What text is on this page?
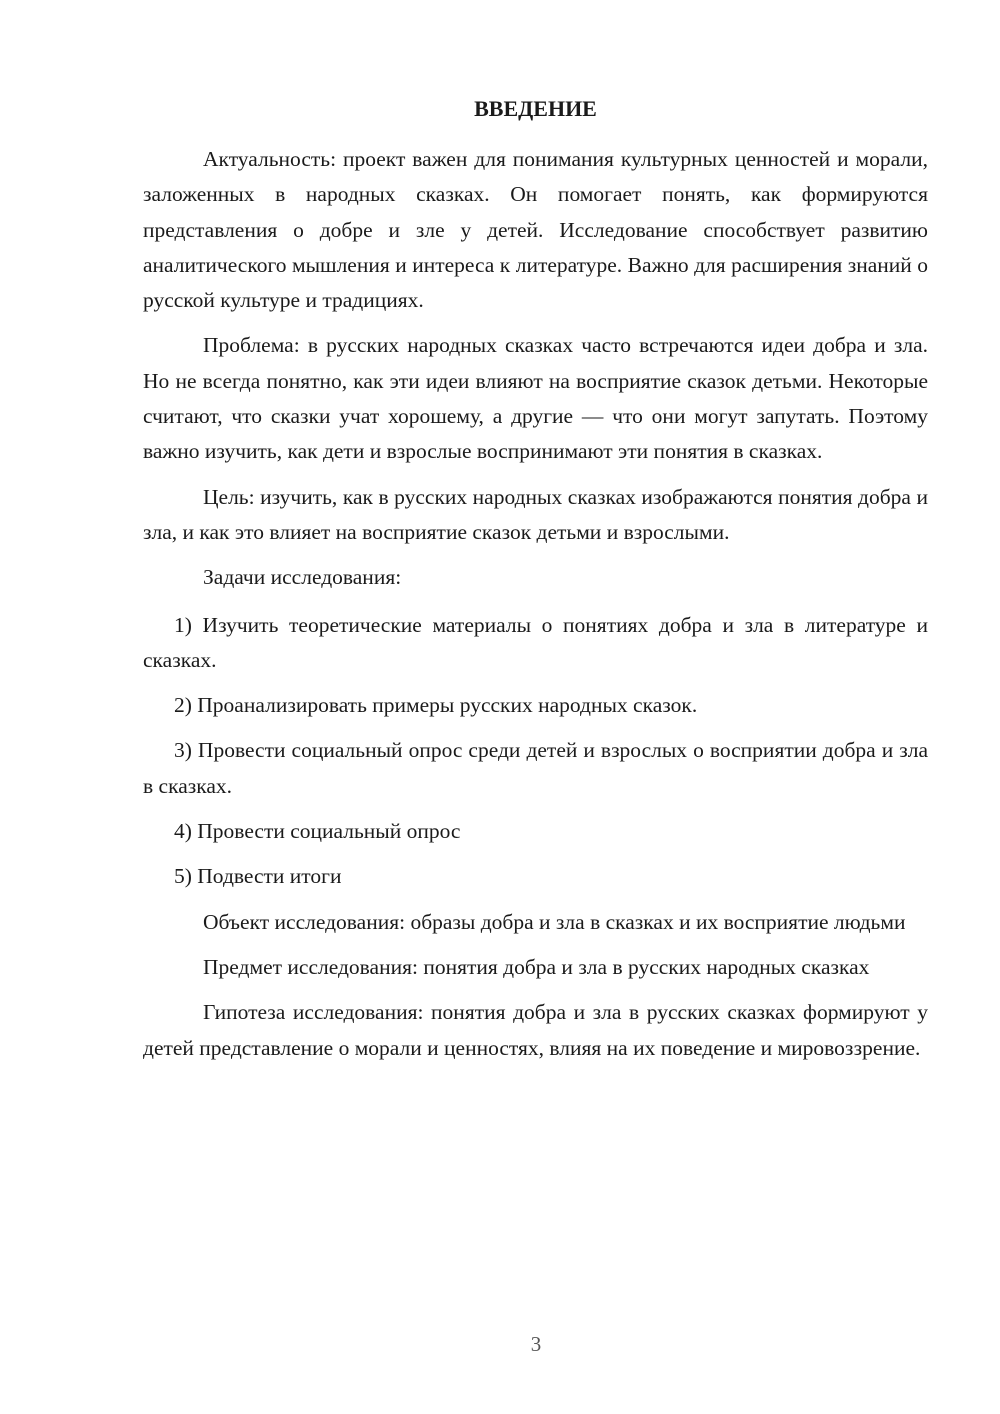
ВВЕДЕНИЕ

Актуальность: проект важен для понимания культурных ценностей и морали, заложенных в народных сказках. Он помогает понять, как формируются представления о добре и зле у детей. Исследование способствует развитию аналитического мышления и интереса к литературе. Важно для расширения знаний о русской культуре и традициях.

Проблема: в русских народных сказках часто встречаются идеи добра и зла. Но не всегда понятно, как эти идеи влияют на восприятие сказок детьми. Некоторые считают, что сказки учат хорошему, а другие — что они могут запутать. Поэтому важно изучить, как дети и взрослые воспринимают эти понятия в сказках.

Цель: изучить, как в русских народных сказках изображаются понятия добра и зла, и как это влияет на восприятие сказок детьми и взрослыми.

Задачи исследования:

1) Изучить теоретические материалы о понятиях добра и зла в литературе и сказках.

2) Проанализировать примеры русских народных сказок.

3) Провести социальный опрос среди детей и взрослых о восприятии добра и зла в сказках.

4) Провести социальный опрос

5) Подвести итоги

Объект исследования: образы добра и зла в сказках и их восприятие людьми

Предмет исследования: понятия добра и зла в русских народных сказках

Гипотеза исследования: понятия добра и зла в русских сказках формируют у детей представление о морали и ценностях, влияя на их поведение и мировоззрение.

3
